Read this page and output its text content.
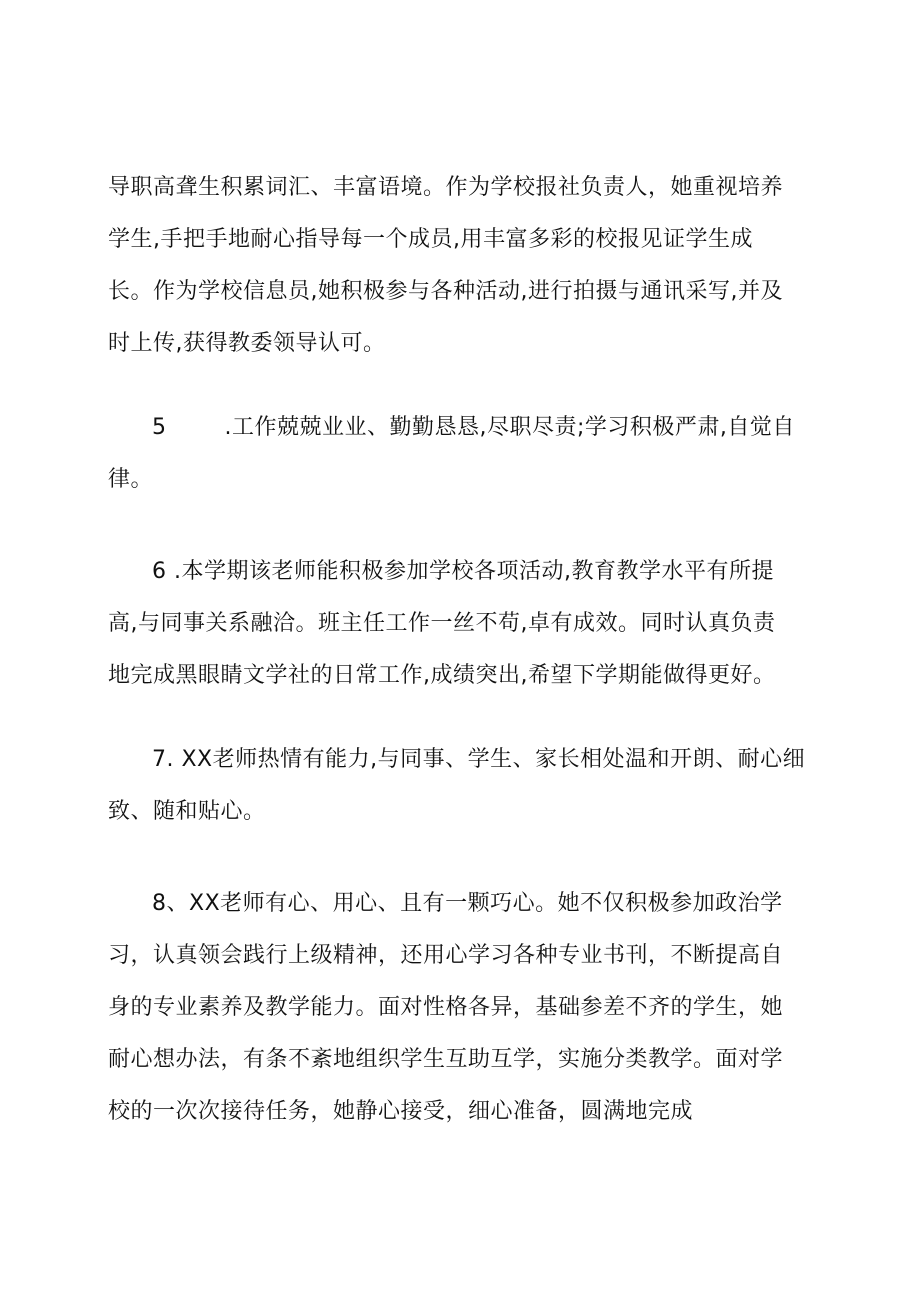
导职高聋生积累词汇、丰富语境。作为学校报社负责人，她重视培养
学生,手把手地耐心指导每一个成员,用丰富多彩的校报见证学生成
长。作为学校信息员,她积极参与各种活动,进行拍摄与通讯采写,并及
时上传,获得教委领导认可。
5	.工作兢兢业业、勤勤恳恳,尽职尽责;学习积极严肃,自觉自
律。
6 .本学期该老师能积极参加学校各项活动,教育教学水平有所提
高,与同事关系融洽。班主任工作一丝不苟,卓有成效。同时认真负责
地完成黑眼睛文学社的日常工作,成绩突出,希望下学期能做得更好。
7. XX老师热情有能力,与同事、学生、家长相处温和开朗、耐心细
致、随和贴心。
8、XX老师有心、用心、且有一颗巧心。她不仅积极参加政治学
习，认真领会践行上级精神，还用心学习各种专业书刊，不断提高自
身的专业素养及教学能力。面对性格各异，基础参差不齐的学生，她
耐心想办法，有条不紊地组织学生互助互学，实施分类教学。面对学
校的一次次接待任务，她静心接受，细心准备，圆满地完成
